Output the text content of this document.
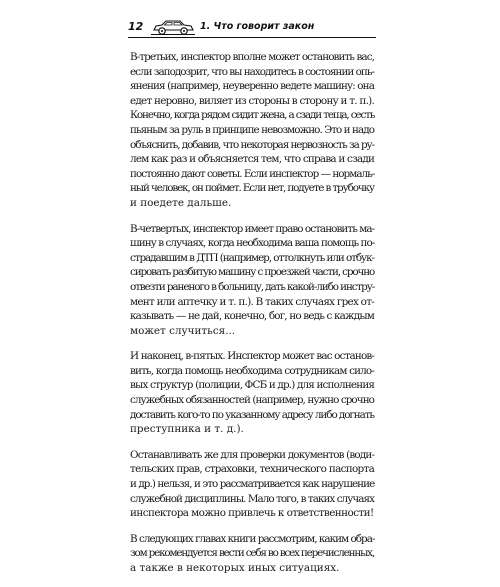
12	1. Что говорит закон

В-третьих, инспектор вполне может остановить вас,
если заподозрит, что вы находитесь в состоянии опь-
янения (например, неуверенно ведете машину: она
едет неровно, виляет из стороны в сторону и т. п.).
Конечно, когда рядом сидит жена, а сзади теща, сесть
пьяным за руль в принципе невозможно. Это и надо
объяснить, добавив, что некоторая нервозность за ру-
лем как раз и объясняется тем, что справа и сзади
постоянно дают советы. Если инспектор — нормаль-
ный человек, он поймет. Если нет, подуете в трубочку
и поедете дальше.

В-четвертых, инспектор имеет право остановить ма-
шину в случаях, когда необходима ваша помощь по-
страдавшим в ДТП (например, оттолкнуть или отбук-
сировать разбитую машину с проезжей части, срочно
отвезти раненого в больницу, дать какой-либо инстру-
мент или аптечку и т. п.). В таких случаях грех от-
казывать — не дай, конечно, бог, но ведь с каждым
может случиться...

И наконец, в-пятых. Инспектор может вас останов-
вить, когда помощь необходима сотрудникам сило-
вых структур (полиции, ФСБ и др.) для исполнения
служебных обязанностей (например, нужно срочно
доставить кого-то по указанному адресу либо догнать
преступника и т. д.).

Останавливать же для проверки документов (води-
тельских прав, страховки, технического паспорта
и др.) нельзя, и это рассматривается как нарушение
служебной дисциплины. Мало того, в таких случаях
инспектора можно привлечь к ответственности!

В следующих главах книги рассмотрим, каким обра-
зом рекомендуется вести себя во всех перечисленных,
а также в некоторых иных ситуациях.
